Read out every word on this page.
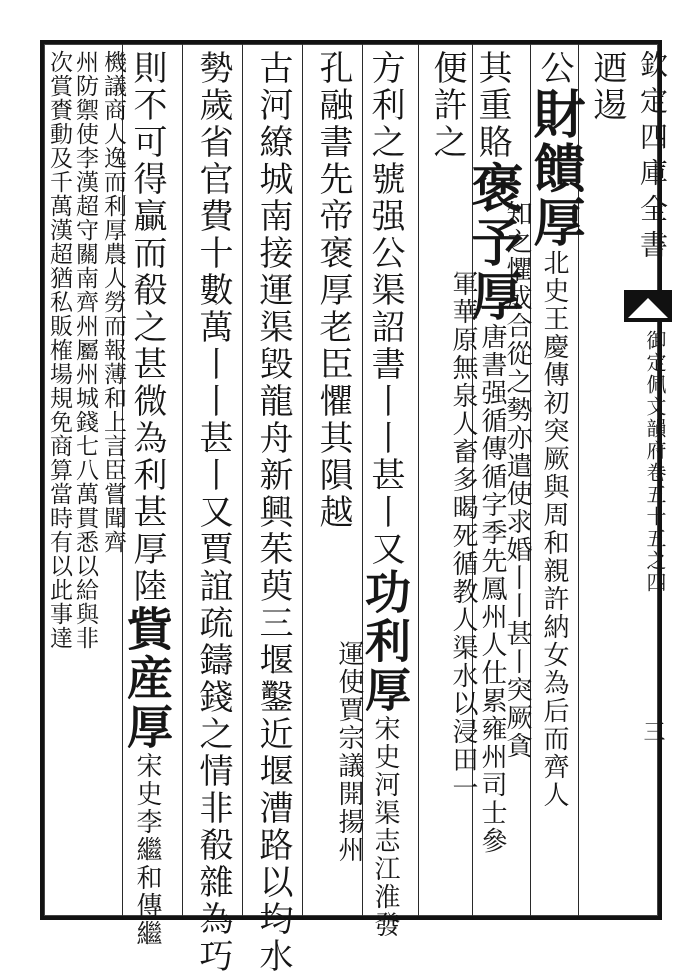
欽定四庫全書
御定佩文韻府卷五十五之四
三
迺逷
公財饋厚北史王慶傳初突厥與周和親許納女為后而齊人
知之懼成合從之勢亦遣使求婚丨丨甚丨突厥貪
其重賂褒予厚唐書强循傳循字季先鳳州人仕累雍州司士參
軍華原無泉人畜多暍死循教人渠水以浸田一
便許之
方利之號强公渠詔書丨丨甚丨又功利厚宋史河渠志江淮發
孔融書先帝褒厚老臣懼其隕越
運使賈宗議開揚州
古河繚城南接運渠毀龍舟新興茱萸三堰鑿近堰漕路以均水
勢歲省官費十數萬丨丨甚丨又賈誼疏鑄錢之情非殽雜為巧
則不可得贏而殽之甚微為利甚厚陸貲産厚宋史李繼和傳繼
機議商人逸而利厚農人勞而報薄和上言臣嘗聞齊
州防禦使李漢超守關南齊州屬州城錢七八萬貫悉以給與非
次賞賚動及千萬漢超猶私販榷場規免商算當時有以此事達
